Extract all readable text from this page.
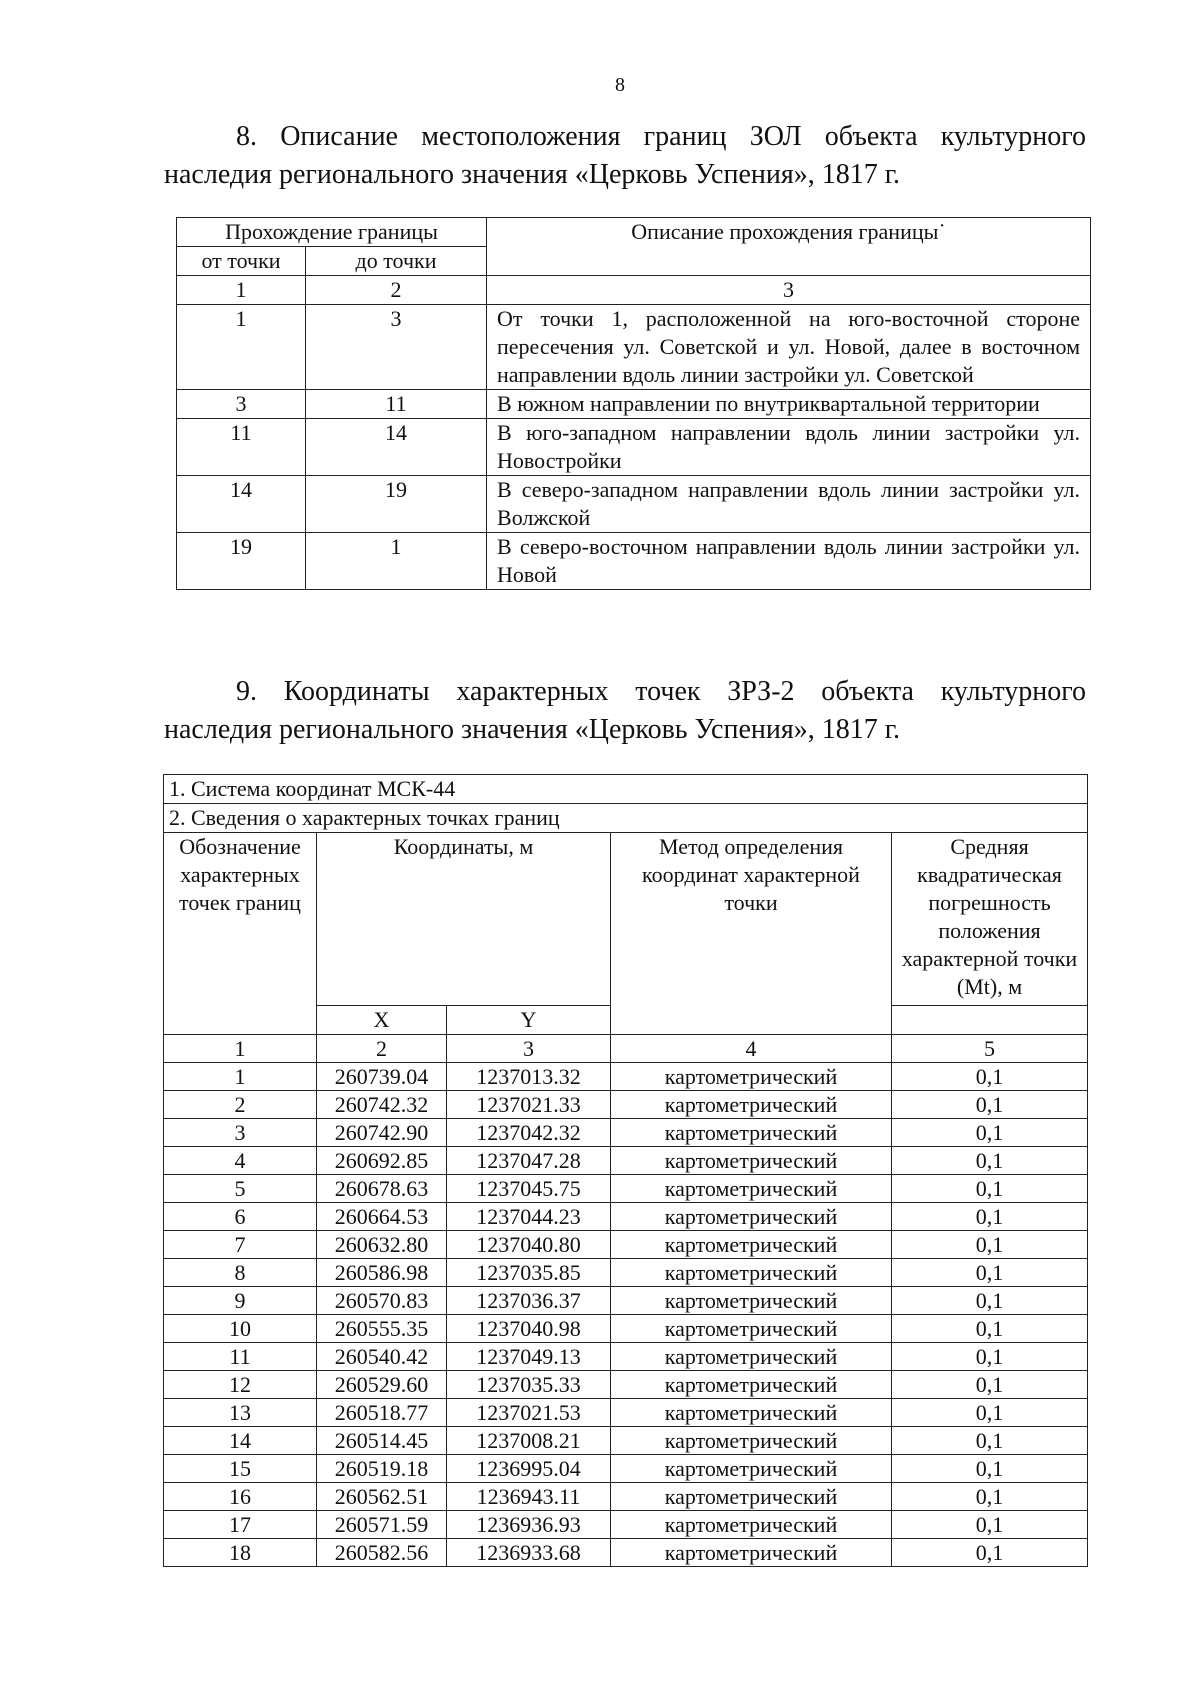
8
8. Описание местоположения границ ЗОЛ объекта культурного
наследия регионального значения «Церковь Успения», 1817 г.
Прохождение границы		Описание прохождения границы˙
от точки	до точки	
1	2	3
1	3	От точки 1, расположенной на юго-восточной стороне пересечения ул. Советской и ул. Новой, далее в восточном направлении вдоль линии застройки ул. Советской
3	11	В южном направлении по внутриквартальной территории
11	14	В юго-западном направлении вдоль линии застройки ул. Новостройки
14	19	В северо-западном направлении вдоль линии застройки ул. Волжской
19	1	В северо-восточном направлении вдоль линии застройки ул. Новой
9. Координаты характерных точек ЗРЗ-2 объекта культурного
наследия регионального значения «Церковь Успения», 1817 г.
1. Система координат МСК-44				
2. Сведения о характерных точках границ				
Обозначение характерных точек границ	Координаты, м		Метод определения координат характерной точки	Средняя квадратическая погрешность положения характерной точки (Mt), м
	X	Y		
1	2	3	4	5
1	260739.04	1237013.32	картометрический	0,1
2	260742.32	1237021.33	картометрический	0,1
3	260742.90	1237042.32	картометрический	0,1
4	260692.85	1237047.28	картометрический	0,1
5	260678.63	1237045.75	картометрический	0,1
6	260664.53	1237044.23	картометрический	0,1
7	260632.80	1237040.80	картометрический	0,1
8	260586.98	1237035.85	картометрический	0,1
9	260570.83	1237036.37	картометрический	0,1
10	260555.35	1237040.98	картометрический	0,1
11	260540.42	1237049.13	картометрический	0,1
12	260529.60	1237035.33	картометрический	0,1
13	260518.77	1237021.53	картометрический	0,1
14	260514.45	1237008.21	картометрический	0,1
15	260519.18	1236995.04	картометрический	0,1
16	260562.51	1236943.11	картометрический	0,1
17	260571.59	1236936.93	картометрический	0,1
18	260582.56	1236933.68	картометрический	0,1
